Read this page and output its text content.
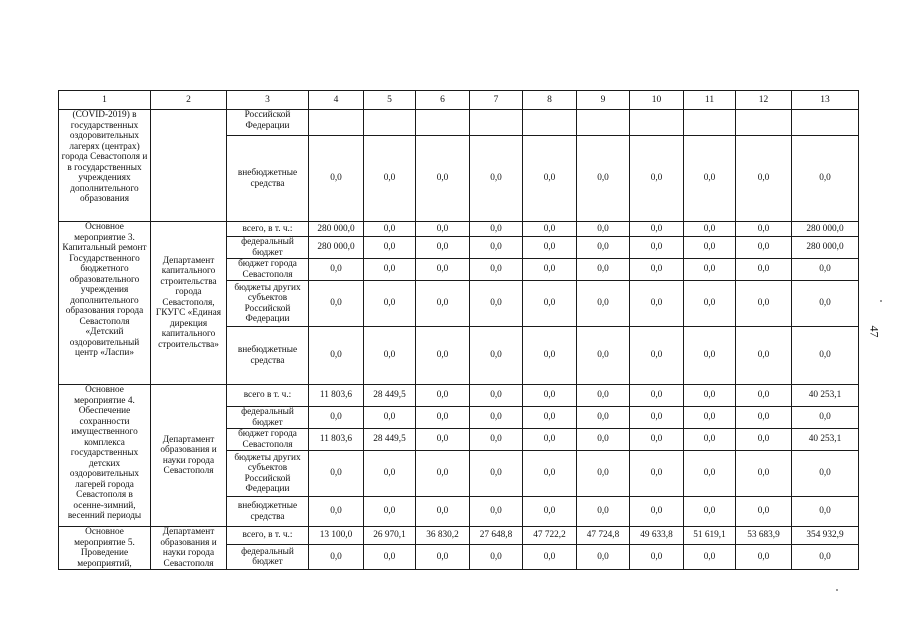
1	2	3	4	5	6	7	8	9	10	11	12	13
(COVID-2019) в государственных оздоровительных лагерях (центрах) города Севастополя и в государственных учреждениях дополнительного образования		Российской Федерации										
		внебюджетные средства	0,0	0,0	0,0	0,0	0,0	0,0	0,0	0,0	0,0	0,0
Основное мероприятие 3. Капитальный ремонт Государственного бюджетного образовательного учреждения дополнительного образования города Севастополя «Детский оздоровительный центр «Ласпи»	Департамент капитального строительства города Севастополя, ГКУГС «Единая дирекция капитального строительства»	всего, в т. ч.:	280 000,0	0,0	0,0	0,0	0,0	0,0	0,0	0,0	0,0	280 000,0
		федеральный бюджет	280 000,0	0,0	0,0	0,0	0,0	0,0	0,0	0,0	0,0	280 000,0
		бюджет города Севастополя	0,0	0,0	0,0	0,0	0,0	0,0	0,0	0,0	0,0	0,0
		бюджеты других субъектов Российской Федерации	0,0	0,0	0,0	0,0	0,0	0,0	0,0	0,0	0,0	0,0
		внебюджетные средства	0,0	0,0	0,0	0,0	0,0	0,0	0,0	0,0	0,0	0,0
Основное мероприятие 4. Обеспечение сохранности имущественного комплекса государственных детских оздоровительных лагерей города Севастополя в осенне-зимний, весенний периоды	Департамент образования и науки города Севастополя	всего в т. ч.:	11 803,6	28 449,5	0,0	0,0	0,0	0,0	0,0	0,0	0,0	40 253,1
		федеральный бюджет	0,0	0,0	0,0	0,0	0,0	0,0	0,0	0,0	0,0	0,0
		бюджет города Севастополя	11 803,6	28 449,5	0,0	0,0	0,0	0,0	0,0	0,0	0,0	40 253,1
		бюджеты других субъектов Российской Федерации	0,0	0,0	0,0	0,0	0,0	0,0	0,0	0,0	0,0	0,0
		внебюджетные средства	0,0	0,0	0,0	0,0	0,0	0,0	0,0	0,0	0,0	0,0
Основное мероприятие 5. Проведение мероприятий,	Департамент образования и науки города Севастополя	всего, в т. ч.:	13 100,0	26 970,1	36 830,2	27 648,8	47 722,2	47 724,8	49 633,8	51 619,1	53 683,9	354 932,9
		федеральный бюджет	0,0	0,0	0,0	0,0	0,0	0,0	0,0	0,0	0,0	0,0
47
